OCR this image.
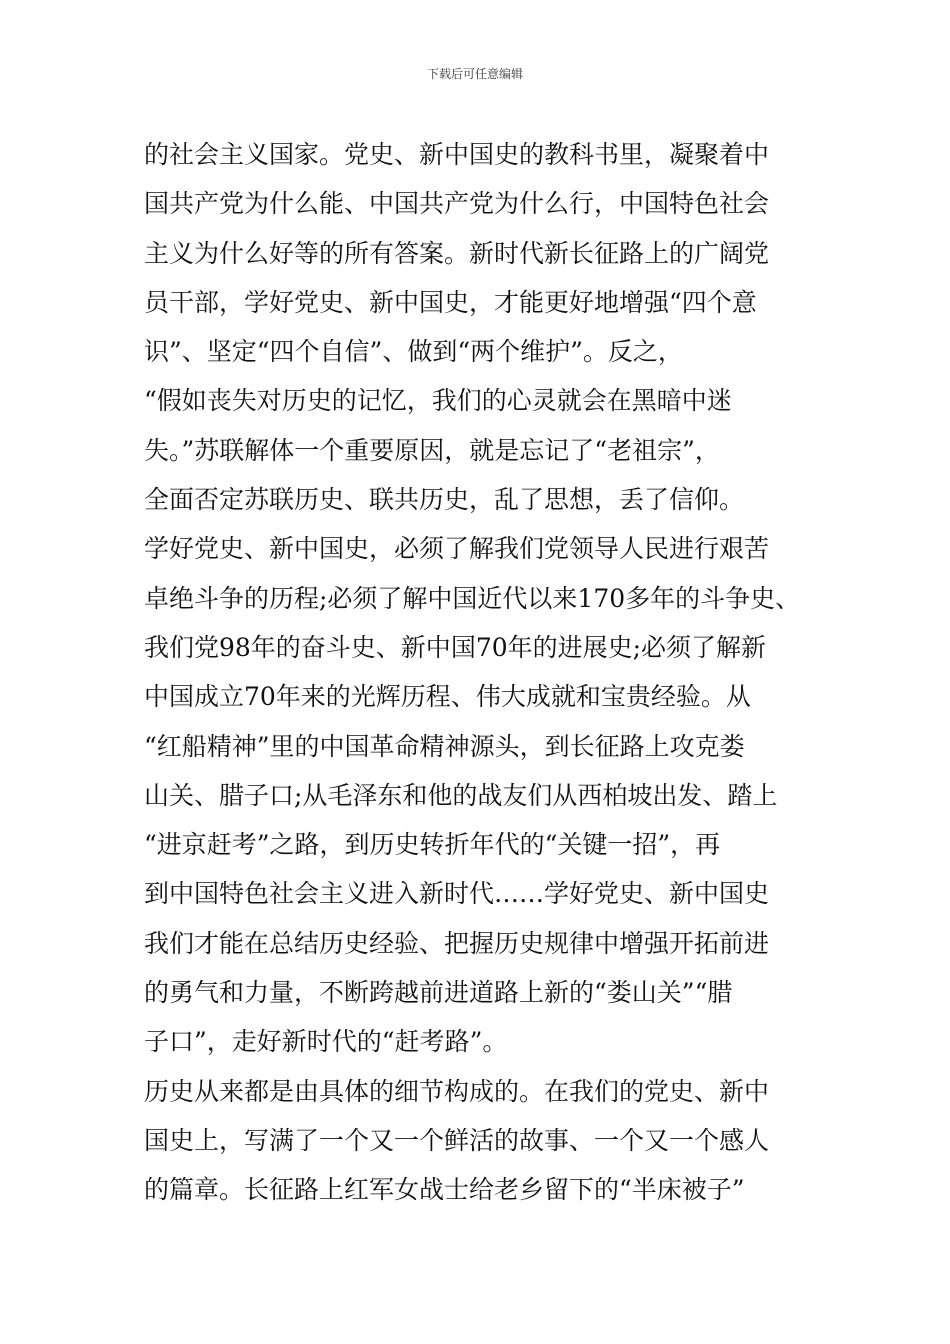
下载后可任意编辑
的社会主义国家。党史、新中国史的教科书里，凝聚着中
国共产党为什么能、中国共产党为什么行，中国特色社会
主义为什么好等的所有答案。新时代新长征路上的广阔党
员干部，学好党史、新中国史，才能更好地增强“四个意
识”、坚定“四个自信”、做到“两个维护”。反之，
“假如丧失对历史的记忆，我们的心灵就会在黑暗中迷
失。”苏联解体一个重要原因，就是忘记了“老祖宗”，
全面否定苏联历史、联共历史，乱了思想，丢了信仰。
学好党史、新中国史，必须了解我们党领导人民进行艰苦
卓绝斗争的历程;必须了解中国近代以来170多年的斗争史、
我们党98年的奋斗史、新中国70年的进展史;必须了解新
中国成立70年来的光辉历程、伟大成就和宝贵经验。从
“红船精神”里的中国革命精神源头，到长征路上攻克娄
山关、腊子口;从毛泽东和他的战友们从西柏坡出发、踏上
“进京赶考”之路，到历史转折年代的“关键一招”，再
到中国特色社会主义进入新时代……学好党史、新中国史
我们才能在总结历史经验、把握历史规律中增强开拓前进
的勇气和力量，不断跨越前进道路上新的“娄山关”“腊
子口”，走好新时代的“赶考路”。
历史从来都是由具体的细节构成的。在我们的党史、新中
国史上，写满了一个又一个鲜活的故事、一个又一个感人
的篇章。长征路上红军女战士给老乡留下的“半床被子”
